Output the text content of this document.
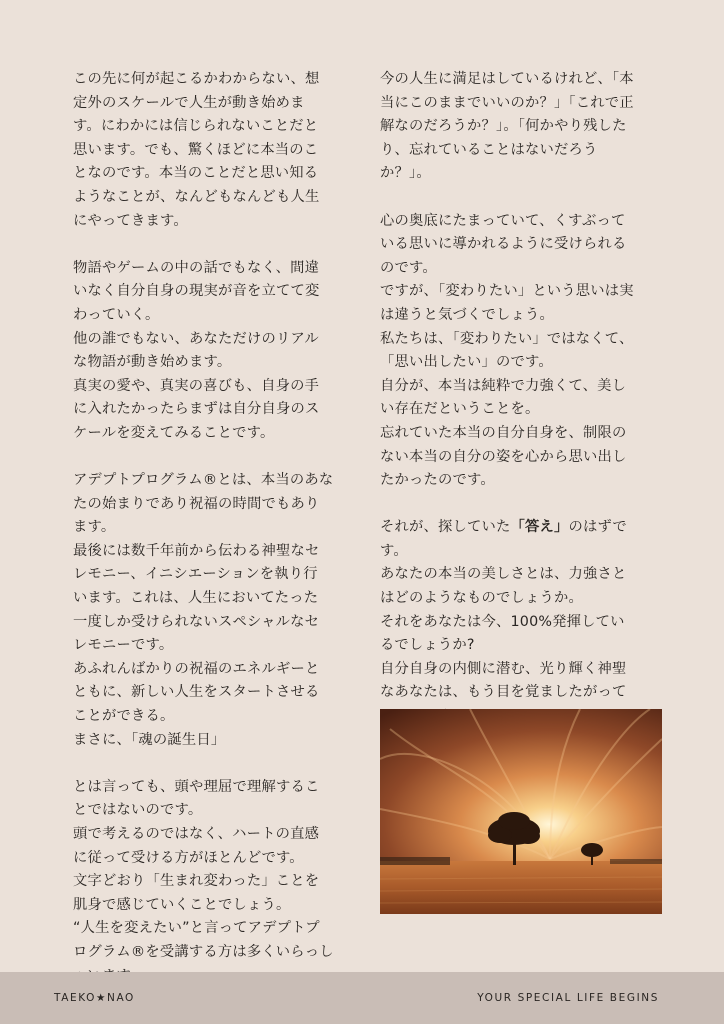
この先に何が起こるかわからない、想
定外のスケールで人生が動き始めま
す。にわかには信じられないことだと
思います。でも、驚くほどに本当のこ
となのです。本当のことだと思い知る
ようなことが、なんどもなんども人生
にやってきます。
物語やゲームの中の話でもなく、間違
いなく自分自身の現実が音を立てて変
わっていく。
他の誰でもない、あなただけのリアル
な物語が動き始めます。
真実の愛や、真実の喜びも、自身の手
に入れたかったらまずは自分自身のス
ケールを変えてみることです。
アデプトプログラム®とは、本当のあな
たの始まりであり祝福の時間でもあり
ます。
最後には数千年前から伝わる神聖なセ
レモニー、イニシエーションを執り行
います。これは、人生においてたった
一度しか受けられないスペシャルなセ
レモニーです。
あふれんばかりの祝福のエネルギーと
ともに、新しい人生をスタートさせる
ことができる。
まさに、「魂の誕生日」
とは言っても、頭や理屈で理解するこ
とではないのです。
頭で考えるのではなく、ハートの直感
に従って受ける方がほとんどです。
文字どおり「生まれ変わった」ことを
肌身で感じていくことでしょう。
“人生を変えたい”と言ってアデプトプ
ログラム®を受講する方は多くいらっし
今の人生に満足はしているけれど、「本
当にこのままでいいのか？」「これで正
解なのだろうか？」。「何かやり残した
り、忘れていることはないだろう
か？」。
心の奥底にたまっていて、くすぶって
いる思いに導かれるように受けられる
のです。
ですが、「変わりたい」という思いは実
は違うと気づくでしょう。
私たちは、「変わりたい」ではなくて、
「思い出したい」のです。
自分が、本当は純粋で力強くて、美し
い存在だということを。
忘れていた本当の自分自身を、制限の
ない本当の自分の姿を心から思い出し
たかったのです。
それが、探していた「答え」のはずで
す。
あなたの本当の美しさとは、力強さと
はどのようなものでしょうか。
それをあなたは今、100%発揮してい
るでしょうか?
自分自身の内側に潜む、光り輝く神聖
なあなたは、もう目を覚ましたがって
TAEKO★NAO	YOUR SPECIAL LIFE BEGINS
